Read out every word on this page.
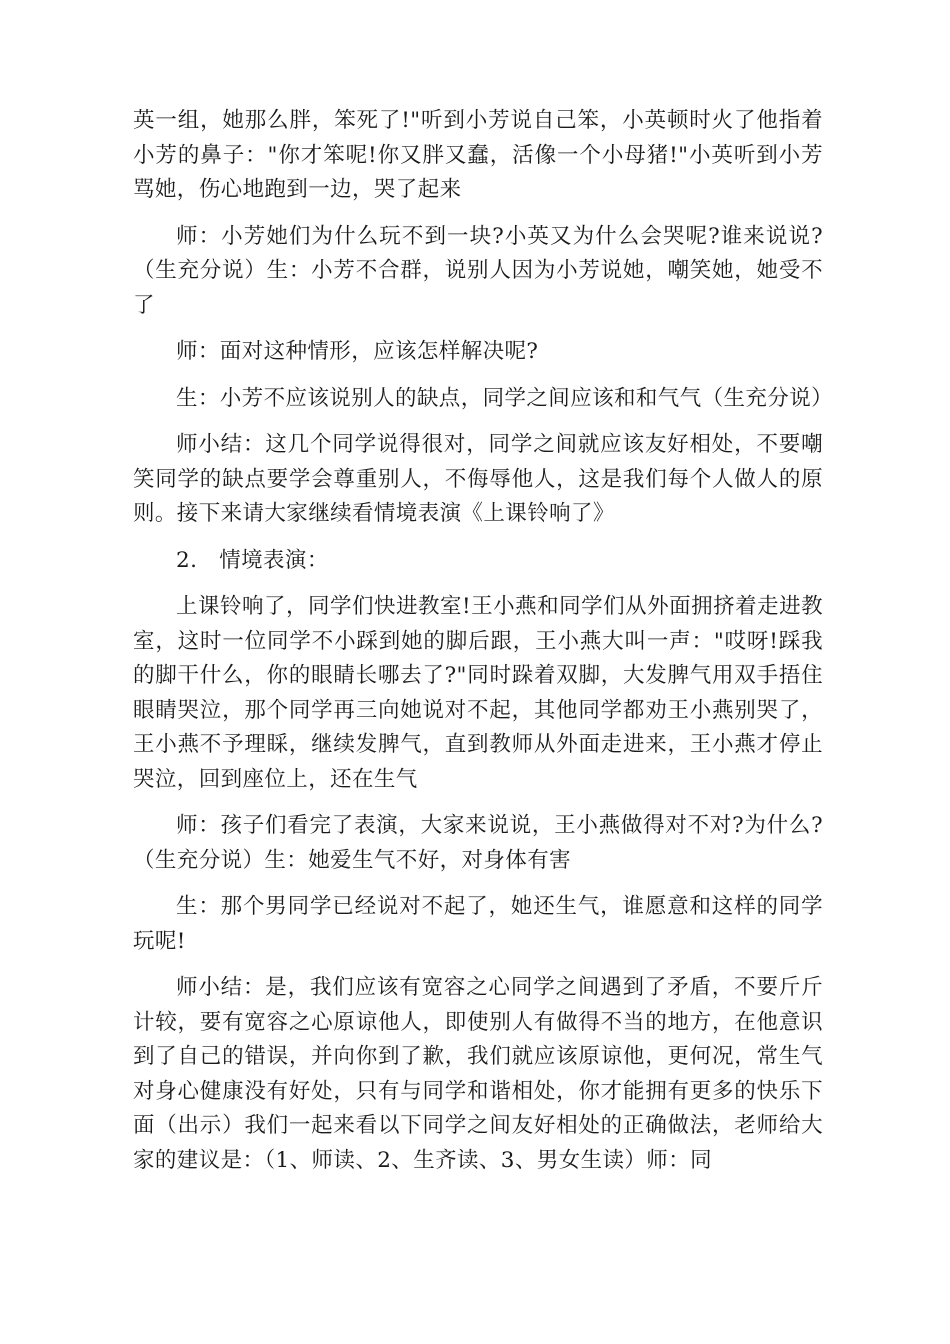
英一组，她那么胖，笨死了!"听到小芳说自己笨，小英顿时火了他指着小芳的鼻子："你才笨呢!你又胖又蠢，活像一个小母猪!"小英听到小芳骂她，伤心地跑到一边，哭了起来

师：小芳她们为什么玩不到一块?小英又为什么会哭呢?谁来说说?（生充分说）生：小芳不合群，说别人因为小芳说她，嘲笑她，她受不了

师：面对这种情形，应该怎样解决呢?

生：小芳不应该说别人的缺点，同学之间应该和和气气（生充分说）

师小结：这几个同学说得很对，同学之间就应该友好相处，不要嘲笑同学的缺点要学会尊重别人，不侮辱他人，这是我们每个人做人的原则。接下来请大家继续看情境表演《上课铃响了》

2.　情境表演：

上课铃响了，同学们快进教室!王小燕和同学们从外面拥挤着走进教室，这时一位同学不小踩到她的脚后跟，王小燕大叫一声："哎呀!踩我的脚干什么，你的眼睛长哪去了?"同时跺着双脚，大发脾气用双手捂住眼睛哭泣，那个同学再三向她说对不起，其他同学都劝王小燕别哭了，王小燕不予理睬，继续发脾气，直到教师从外面走进来，王小燕才停止哭泣，回到座位上，还在生气

师：孩子们看完了表演，大家来说说，王小燕做得对不对?为什么?（生充分说）生：她爱生气不好，对身体有害

生：那个男同学已经说对不起了，她还生气，谁愿意和这样的同学玩呢!

师小结：是，我们应该有宽容之心同学之间遇到了矛盾，不要斤斤计较，要有宽容之心原谅他人，即使别人有做得不当的地方，在他意识到了自己的错误，并向你到了歉，我们就应该原谅他，更何况，常生气对身心健康没有好处，只有与同学和谐相处，你才能拥有更多的快乐下面（出示）我们一起来看以下同学之间友好相处的正确做法，老师给大家的建议是：（1、师读、2、生齐读、3、男女生读）师：同
